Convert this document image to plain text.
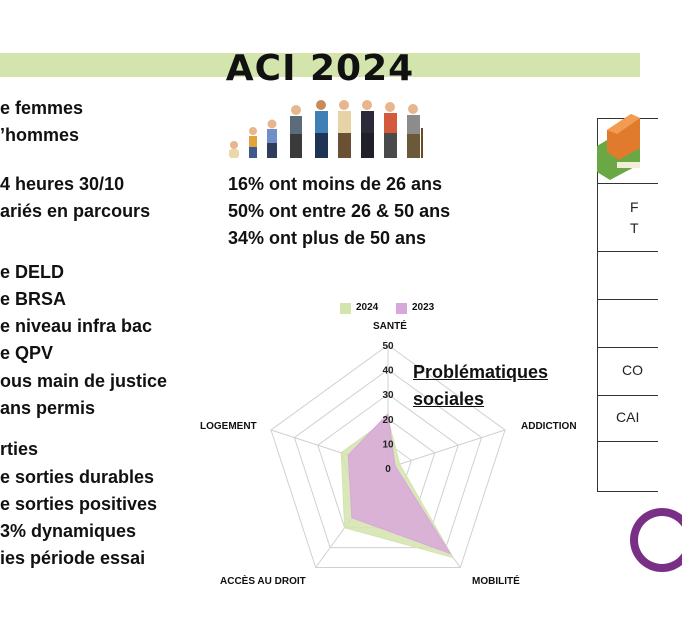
ACI 2024
e femmes
’hommes
4 heures 30/10
ariés en parcours
e DELD
e BRSA
e niveau infra bac
e QPV
ous main de justice
ans permis
rties
e sorties durables
e sorties positives
3% dynamiques
ies période essai
16% ont moins de 26 ans
50% ont entre 26 & 50 ans
34% ont plus de 50 ans
F
T
CO
CAI
2024	2023
0
10
20
30
40
50
SANTÉ
ADDICTION
MOBILITÉ
ACCÈS AU DROIT
LOGEMENT
Problématiques
sociales
